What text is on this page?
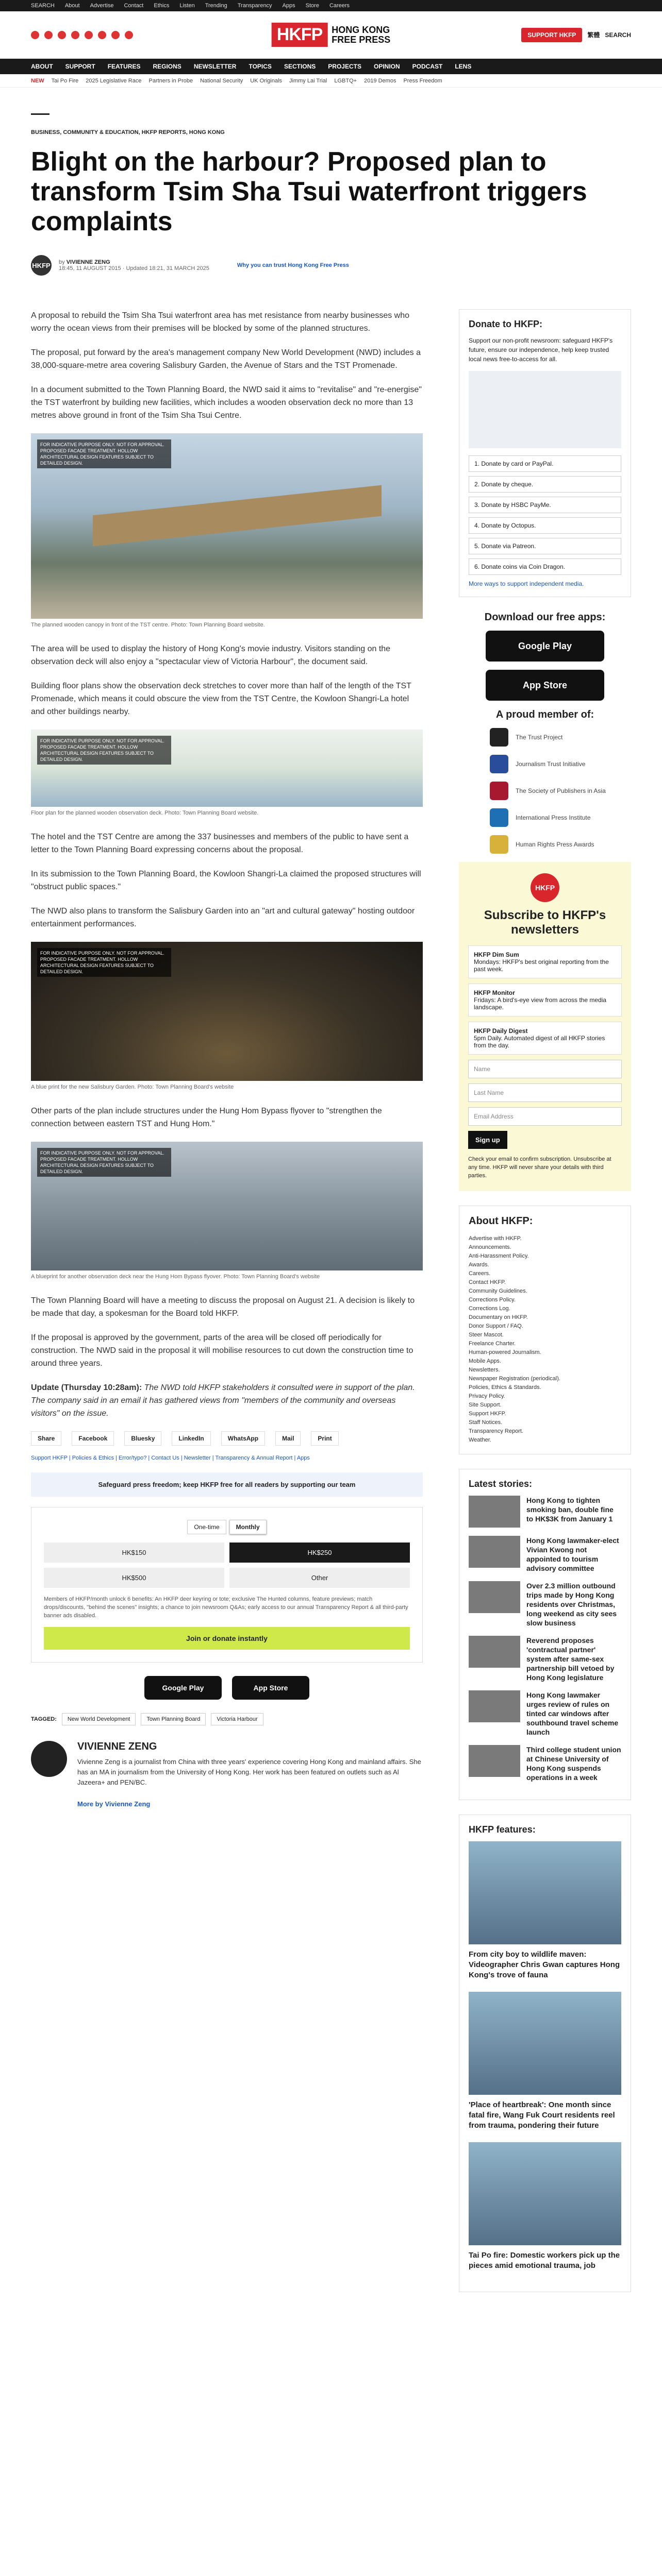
SEARCH About Advertise Contact Ethics Listen Trending Transparency Apps Store Careers
HKFP	HONG KONG
FREE PRESS	SUPPORT HKFP	繁體 SEARCH
ABOUT SUPPORT FEATURES REGIONS NEWSLETTER TOPICS SECTIONS PROJECTS OPINION PODCAST LENS
NEW Tai Po Fire 2025 Legislative Race Partners in Probe National Security UK Originals Jimmy Lai Trial LGBTQ+ 2019 Demos Press Freedom
BUSINESS, COMMUNITY & EDUCATION, HKFP REPORTS, HONG KONG
Blight on the harbour? Proposed plan to transform Tsim Sha Tsui waterfront triggers complaints
HKFP by VIVIENNE ZENG
18:45, 11 AUGUST 2015 · Updated 18:21, 31 MARCH 2025	Why you can trust Hong Kong Free Press

A proposal to rebuild the Tsim Sha Tsui waterfront area has met resistance from nearby businesses who worry the ocean views from their premises will be blocked by some of the planned structures.

The proposal, put forward by the area's management company New World Development (NWD) includes a 38,000-square-metre area covering Salisbury Garden, the Avenue of Stars and the TST Promenade.

In a document submitted to the Town Planning Board, the NWD said it aims to "revitalise" and "re-energise" the TST waterfront by building new facilities, which includes a wooden observation deck no more than 13 metres above ground in front of the Tsim Sha Tsui Centre.

FOR INDICATIVE PURPOSE ONLY. NOT FOR APPROVAL. PROPOSED FACADE TREATMENT. HOLLOW ARCHITECTURAL DESIGN FEATURES SUBJECT TO DETAILED DESIGN.
The planned wooden canopy in front of the TST centre. Photo: Town Planning Board website.

The area will be used to display the history of Hong Kong's movie industry. Visitors standing on the observation deck will also enjoy a "spectacular view of Victoria Harbour", the document said.

Building floor plans show the observation deck stretches to cover more than half of the length of the TST Promenade, which means it could obscure the view from the TST Centre, the Kowloon Shangri-La hotel and other buildings nearby.

FOR INDICATIVE PURPOSE ONLY. NOT FOR APPROVAL. PROPOSED FACADE TREATMENT. HOLLOW ARCHITECTURAL DESIGN FEATURES SUBJECT TO DETAILED DESIGN.
Floor plan for the planned wooden observation deck. Photo: Town Planning Board website.

The hotel and the TST Centre are among the 337 businesses and members of the public to have sent a letter to the Town Planning Board expressing concerns about the proposal.

In its submission to the Town Planning Board, the Kowloon Shangri-La claimed the proposed structures will "obstruct public spaces."

The NWD also plans to transform the Salisbury Garden into an "art and cultural gateway" hosting outdoor entertainment performances.

FOR INDICATIVE PURPOSE ONLY. NOT FOR APPROVAL. PROPOSED FACADE TREATMENT. HOLLOW ARCHITECTURAL DESIGN FEATURES SUBJECT TO DETAILED DESIGN.
A blue print for the new Salisbury Garden. Photo: Town Planning Board's website

Other parts of the plan include structures under the Hung Hom Bypass flyover to "strengthen the connection between eastern TST and Hung Hom."

FOR INDICATIVE PURPOSE ONLY. NOT FOR APPROVAL. PROPOSED FACADE TREATMENT. HOLLOW ARCHITECTURAL DESIGN FEATURES SUBJECT TO DETAILED DESIGN.
A blueprint for another observation deck near the Hung Hom Bypass flyover. Photo: Town Planning Board's website

The Town Planning Board will have a meeting to discuss the proposal on August 21. A decision is likely to be made that day, a spokesman for the Board told HKFP.

If the proposal is approved by the government, parts of the area will be closed off periodically for construction. The NWD said in the proposal it will mobilise resources to cut down the construction time to around three years.

Update (Thursday 10:28am): The NWD told HKFP stakeholders it consulted were in support of the plan. The company said in an email it has gathered views from "members of the community and overseas visitors" on the issue.

Share	Facebook	Bluesky	LinkedIn	WhatsApp	Mail	Print
Support HKFP | Policies & Ethics | Error/typo? | Contact Us | Newsletter | Transparency & Annual Report | Apps
Safeguard press freedom; keep HKFP free for all readers by supporting our team
One-time	Monthly
HK$150	HK$250
HK$500	Other

Members of HKFP/month unlock 6 benefits: An HKFP deer keyring or tote; exclusive The Hunted columns, feature previews; match drops/discounts, "behind the scenes" insights; a chance to join newsroom Q&As; early access to our annual Transparency Report & all third-party banner ads disabled.

Join or donate instantly
Google Play	App Store
TAGGED:	New World Development	Town Planning Board	Victoria Harbour
VIVIENNE ZENG

Vivienne Zeng is a journalist from China with three years' experience covering Hong Kong and mainland affairs. She has an MA in journalism from the University of Hong Kong. Her work has been featured on outlets such as Al Jazeera+ and PEN/BC.

More by Vivienne Zeng

Donate to HKFP:

Support our non-profit newsroom: safeguard HKFP's future, ensure our independence, help keep trusted local news free-to-access for all.

1. Donate by card or PayPal.
2. Donate by cheque.
3. Donate by HSBC PayMe.
4. Donate by Octopus.
5. Donate via Patreon.
6. Donate coins via Coin Dragon.
More ways to support independent media.
Download our free apps:
Google Play
App Store
A proud member of:
The Trust Project
Journalism Trust Initiative
The Society of Publishers in Asia
International Press Institute
Human Rights Press Awards
HKFP
Subscribe to HKFP's newsletters
HKFP Dim Sum
Mondays: HKFP's best original reporting from the past week.
HKFP Monitor
Fridays: A bird's-eye view from across the media landscape.
HKFP Daily Digest
5pm Daily. Automated digest of all HKFP stories from the day.
Name
Last Name
Email Address
Sign up

Check your email to confirm subscription. Unsubscribe at any time. HKFP will never share your details with third parties.

About HKFP:
Advertise with HKFP.
Announcements.
Anti-Harassment Policy.
Awards.
Careers.
Contact HKFP.
Community Guidelines.
Corrections Policy.
Corrections Log.
Documentary on HKFP.
Donor Support / FAQ.
Steer Mascot.
Freelance Charter.
Human-powered Journalism.
Mobile Apps.
Newsletters.
Newspaper Registration (periodical).
Policies, Ethics & Standards.
Privacy Policy.
Site Support.
Support HKFP.
Staff Notices.
Transparency Report.
Weather.
Latest stories:
Hong Kong to tighten smoking ban, double fine to HK$3K from January 1
Hong Kong lawmaker-elect Vivian Kwong not appointed to tourism advisory committee
Over 2.3 million outbound trips made by Hong Kong residents over Christmas, long weekend as city sees slow business
Reverend proposes 'contractual partner' system after same-sex partnership bill vetoed by Hong Kong legislature
Hong Kong lawmaker urges review of rules on tinted car windows after southbound travel scheme launch
Third college student union at Chinese University of Hong Kong suspends operations in a week
HKFP features:
From city boy to wildlife maven: Videographer Chris Gwan captures Hong Kong's trove of fauna
'Place of heartbreak': One month since fatal fire, Wang Fuk Court residents reel from trauma, pondering their future
Tai Po fire: Domestic workers pick up the pieces amid emotional trauma, job
